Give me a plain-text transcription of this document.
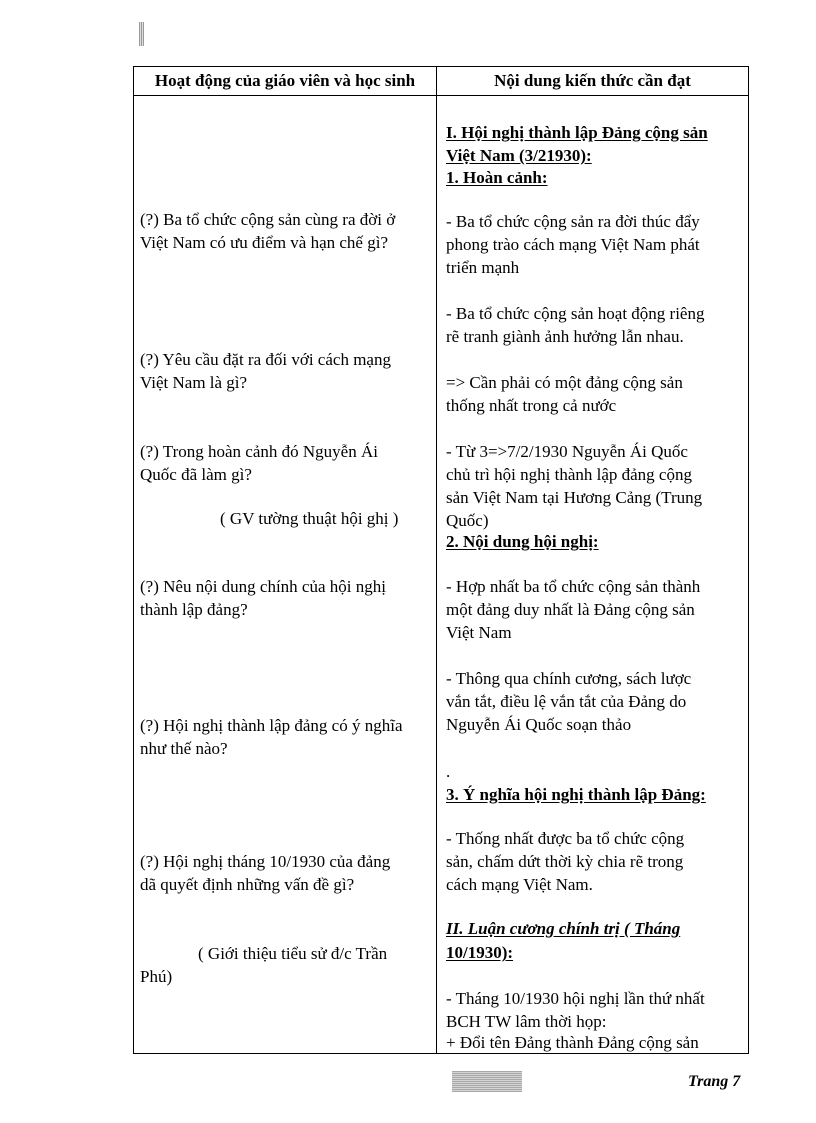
Hoạt động của giáo viên và học sinh	Nội dung kiến thức cần đạt
(?) Ba tổ chức cộng sản cùng ra đời ở
Việt Nam có ưu điểm và hạn chế gì?
(?) Yêu cầu đặt ra đối với cách mạng
Việt Nam là gì?
(?) Trong hoàn cảnh đó Nguyễn Ái
Quốc đã làm gì?
( GV tường thuật hội ghị )
(?) Nêu nội dung chính của hội nghị
thành lập đảng?
(?) Hội nghị thành lập đảng có ý nghĩa
như thế nào?
(?) Hội nghị tháng 10/1930 của đảng
dã quyết định những vấn đề gì?
( Giới thiệu tiểu sử đ/c Trần
Phú)
I. Hội nghị thành lập Đảng cộng sản
Việt Nam (3/21930):
1. Hoàn cảnh:
- Ba tổ chức cộng sản ra đời thúc đẩy
phong trào cách mạng Việt Nam phát
triển mạnh
- Ba tổ chức cộng sản hoạt động riêng
rẽ tranh giành ảnh hưởng lẫn nhau.
=> Cần phải có một đảng cộng sản
thống nhất trong cả nước
- Từ 3=>7/2/1930 Nguyễn Ái Quốc
chủ trì hội nghị thành lập đảng cộng
sản Việt Nam tại Hương Cảng (Trung
Quốc)
2. Nội dung hội nghị:
- Hợp nhất ba tổ chức cộng sản thành
một đảng duy nhất là Đảng cộng sản
Việt Nam
- Thông qua chính cương, sách lược
vắn tắt, điều lệ vắn tắt của Đảng do
Nguyễn Ái Quốc soạn thảo
.
3. Ý nghĩa hội nghị thành lập Đảng:
- Thống nhất được ba tổ chức cộng
sản, chấm dứt thời kỳ chia rẽ trong
cách mạng Việt Nam.
II. Luận cương chính trị ( Tháng
10/1930):
- Tháng 10/1930 hội nghị lần thứ nhất
BCH TW lâm thời họp:
+ Đổi tên Đảng thành Đảng cộng sản
Trang 7
